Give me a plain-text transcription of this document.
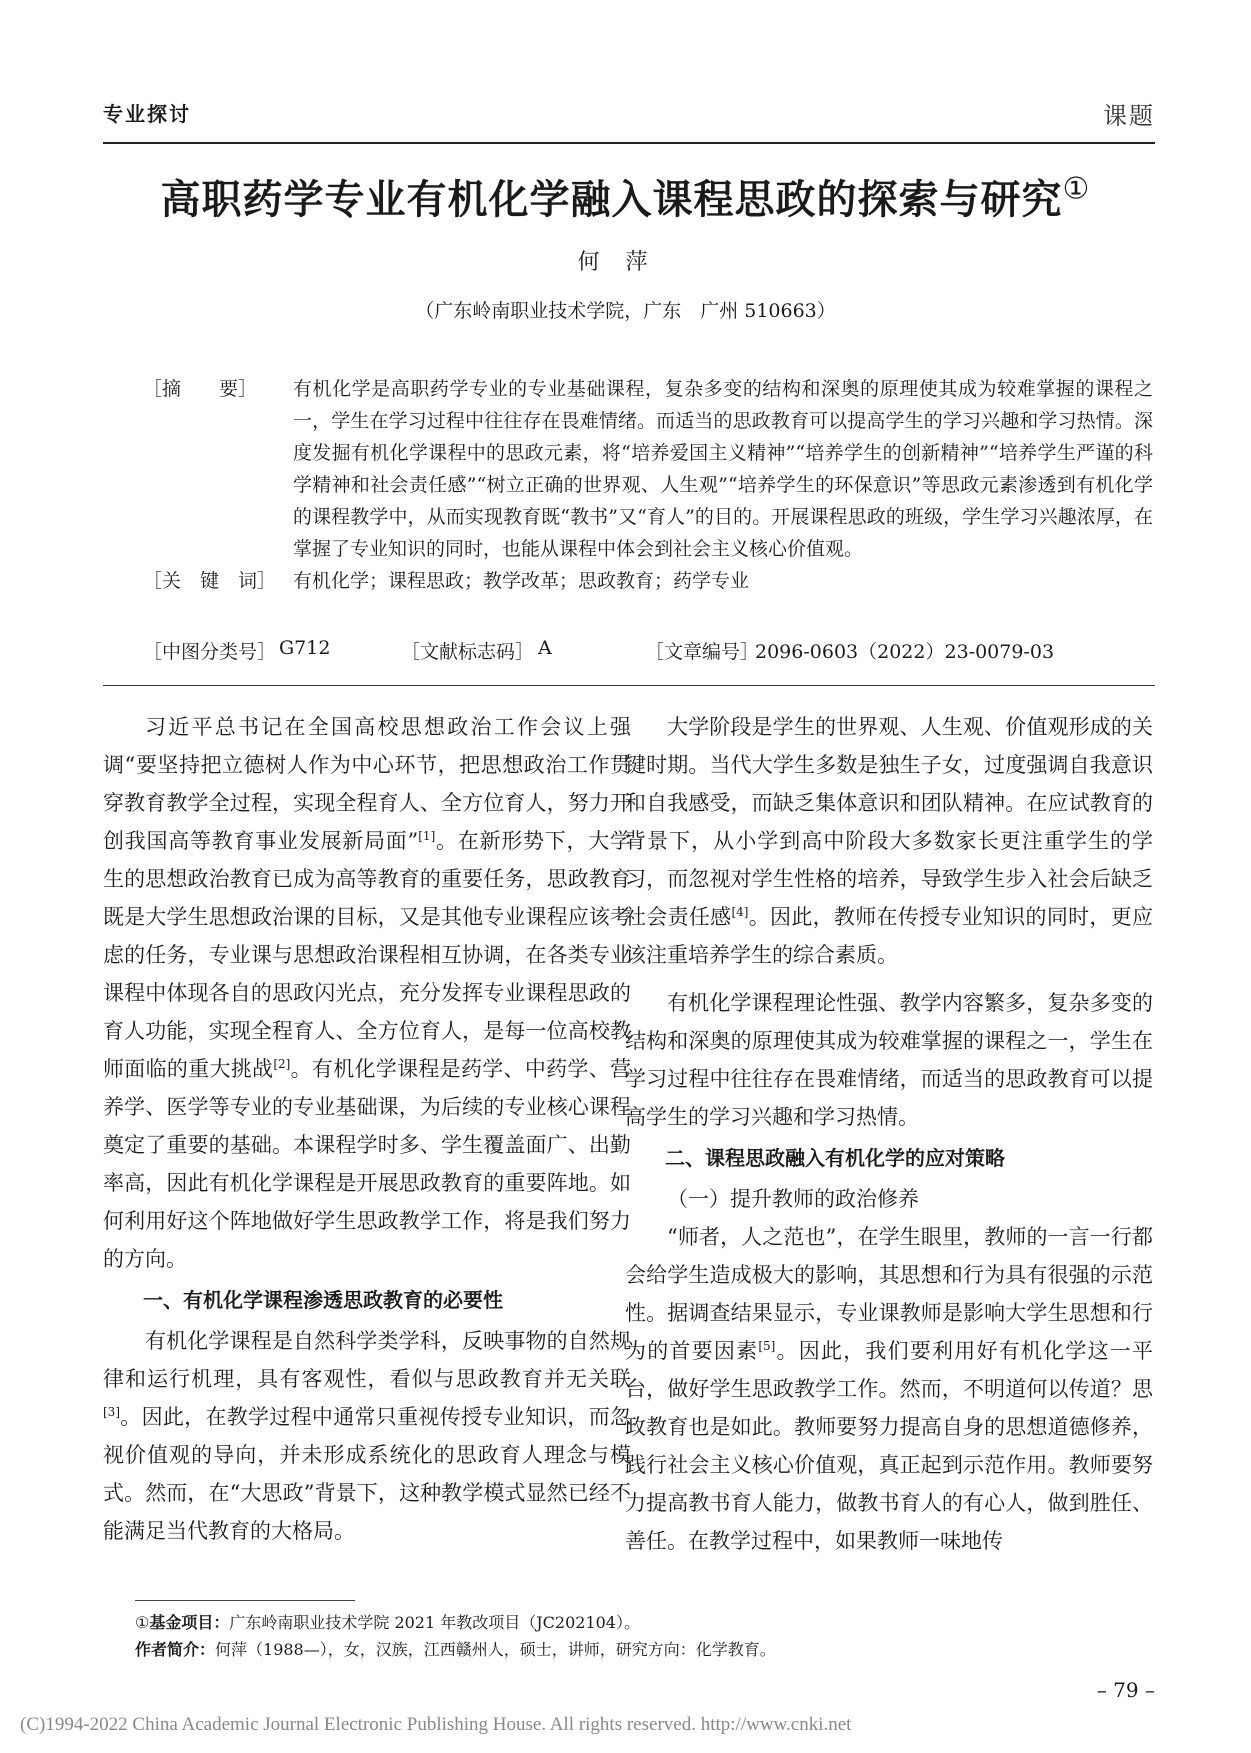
专业探讨	课题
高职药学专业有机化学融入课程思政的探索与研究①
何萍
（广东岭南职业技术学院，广东　广州 510663）
［摘　　要］	有机化学是高职药学专业的专业基础课程，复杂多变的结构和深奥的原理使其成为较难掌握的课程之一，学生在学习过程中往往存在畏难情绪。而适当的思政教育可以提高学生的学习兴趣和学习热情。深度发掘有机化学课程中的思政元素，将“培养爱国主义精神”“培养学生的创新精神”“培养学生严谨的科学精神和社会责任感”“树立正确的世界观、人生观”“培养学生的环保意识”等思政元素渗透到有机化学的课程教学中，从而实现教育既“教书”又“育人”的目的。开展课程思政的班级，学生学习兴趣浓厚，在掌握了专业知识的同时，也能从课程中体会到社会主义核心价值观。
［关　键　词］ 有机化学；课程思政；教学改革；思政教育；药学专业
［中图分类号］ G712	［文献标志码］ A	［文章编号］
2096-0603（2022）23-0079-03

习近平总书记在全国高校思想政治工作会议上强调“要坚持把立德树人作为中心环节，把思想政治工作贯穿教育教学全过程，实现全程育人、全方位育人，努力开创我国高等教育事业发展新局面”[1]。在新形势下，大学生的思想政治教育已成为高等教育的重要任务，思政教育既是大学生思想政治课的目标，又是其他专业课程应该考虑的任务，专业课与思想政治课程相互协调，在各类专业课程中体现各自的思政闪光点，充分发挥专业课程思政的育人功能，实现全程育人、全方位育人，是每一位高校教师面临的重大挑战[2]。有机化学课程是药学、中药学、营养学、医学等专业的专业基础课，为后续的专业核心课程奠定了重要的基础。本课程学时多、学生覆盖面广、出勤率高，因此有机化学课程是开展思政教育的重要阵地。如何利用好这个阵地做好学生思政教学工作，将是我们努力的方向。

一、有机化学课程渗透思政教育的必要性

有机化学课程是自然科学类学科，反映事物的自然规律和运行机理，具有客观性，看似与思政教育并无关联[3]。因此，在教学过程中通常只重视传授专业知识，而忽视价值观的导向，并未形成系统化的思政育人理念与模式。然而，在“大思政”背景下，这种教学模式显然已经不能满足当代教育的大格局。

大学阶段是学生的世界观、人生观、价值观形成的关键时期。当代大学生多数是独生子女，过度强调自我意识和自我感受，而缺乏集体意识和团队精神。在应试教育的背景下，从小学到高中阶段大多数家长更注重学生的学习，而忽视对学生性格的培养，导致学生步入社会后缺乏社会责任感[4]。因此，教师在传授专业知识的同时，更应该注重培养学生的综合素质。

有机化学课程理论性强、教学内容繁多，复杂多变的结构和深奥的原理使其成为较难掌握的课程之一，学生在学习过程中往往存在畏难情绪，而适当的思政教育可以提高学生的学习兴趣和学习热情。

二、课程思政融入有机化学的应对策略

（一）提升教师的政治修养

“师者，人之范也”，在学生眼里，教师的一言一行都会给学生造成极大的影响，其思想和行为具有很强的示范性。据调查结果显示，专业课教师是影响大学生思想和行为的首要因素[5]。因此，我们要利用好有机化学这一平台，做好学生思政教学工作。然而，不明道何以传道？思政教育也是如此。教师要努力提高自身的思想道德修养，践行社会主义核心价值观，真正起到示范作用。教师要努力提高教书育人能力，做教书育人的有心人，做到胜任、善任。在教学过程中，如果教师一味地传

①基金项目：广东岭南职业技术学院 2021 年教改项目（JC202104）。
作者简介：何萍（1988—），女，汉族，江西赣州人，硕士，讲师，研究方向：化学教育。
– 79 –
(C)1994-2022 China Academic Journal Electronic Publishing House. All rights reserved. http://www.cnki.net
